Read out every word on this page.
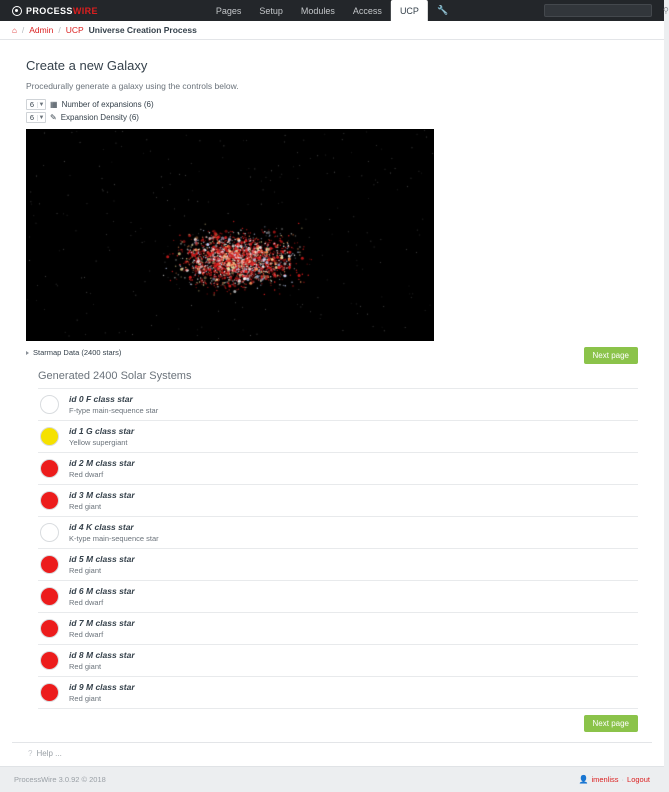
PROCESSWIRE	Pages	Setup	Modules	Access	UCP	🔧	⚲
⌂ / Admin / UCP Universe Creation Process
Create a new Galaxy

Procedurally generate a galaxy using the controls below.

6 ▼ ▦ Number of expansions (6)
6 ▼ ✎ Expansion Density (6)
Starmap Data (2400 stars)	Next page
Generated 2400 Solar Systems
id 0 F class star
F-type main-sequence star
id 1 G class star
Yellow supergiant
id 2 M class star
Red dwarf
id 3 M class star
Red giant
id 4 K class star
K-type main-sequence star
id 5 M class star
Red giant
id 6 M class star
Red dwarf
id 7 M class star
Red dwarf
id 8 M class star
Red giant
id 9 M class star
Red giant
Next page
? Help ...
ProcessWire 3.0.92 © 2018	👤 imenliss · Logout
